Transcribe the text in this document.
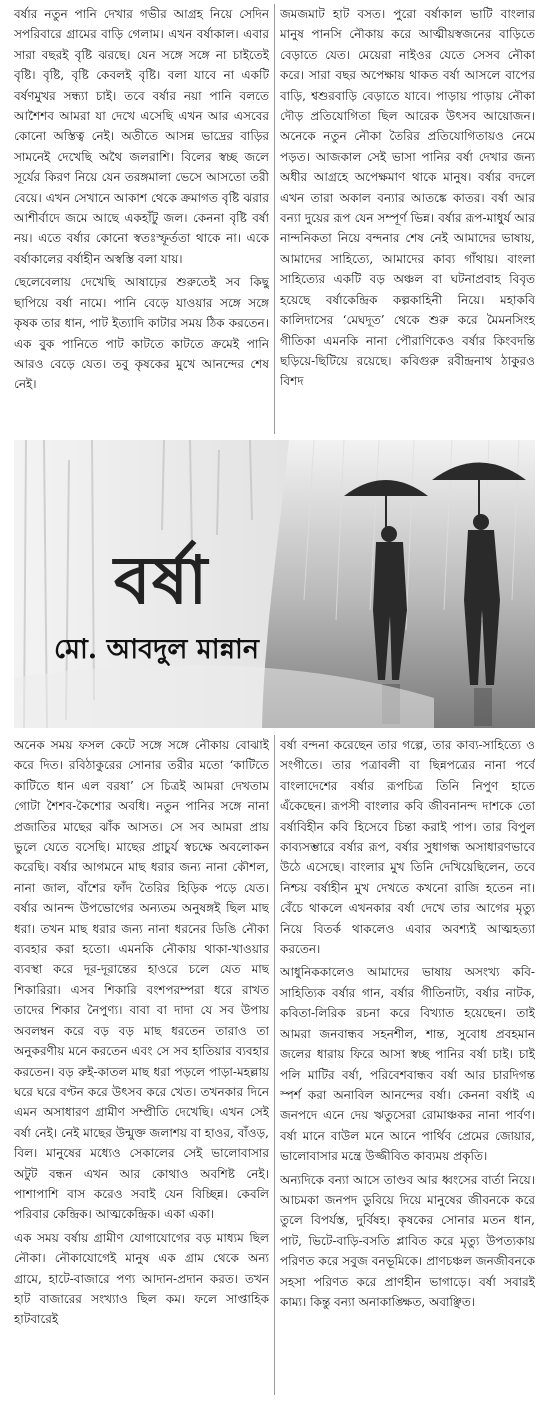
বর্ষার নতুন পানি দেখার গভীর আগ্রহ নিয়ে সেদিন সপরিবারে গ্রামের বাড়ি গেলাম। এখন বর্ষাকাল। এবার সারা বছরই বৃষ্টি ঝরছে। যেন সঙ্গে সঙ্গে না চাইতেই বৃষ্টি। বৃষ্টি, বৃষ্টি কেবলই বৃষ্টি। বলা যাবে না একটি বর্ষণমুখর সন্ধ্যা চাই। তবে বর্ষার নয়া পানি বলতে আশৈশব আমরা যা দেখে এসেছি এখন আর এসবের কোনো অস্তিত্ব নেই। অতীতে আসন্ন ভাদ্রের বাড়ির সামনেই দেখেছি অথৈ জলরাশি। বিলের স্বচ্ছ জলে সূর্যের কিরণ নিয়ে যেন তরঙ্গমালা ভেসে আসতো তরী বেয়ে। এখন সেখানে আকাশ থেকে ক্রমাগত বৃষ্টি ঝরার আশীর্বাদে জমে আছে একহাঁটু জল। কেননা বৃষ্টি বর্ষা নয়। এতে বর্ষার কোনো স্বতঃস্ফূর্ততা থাকে না। একে বর্ষাকালের বর্ষাহীন অস্বস্তি বলা যায়।

ছেলেবেলায় দেখেছি আষাঢ়ের শুরুতেই সব কিছু ছাপিয়ে বর্ষা নামে। পানি বেড়ে যাওয়ার সঙ্গে সঙ্গে কৃষক তার ধান, পাট ইত্যাদি কাটার সময় ঠিক করতেন। এক বুক পানিতে পাট কাটতে কাটতে ক্রমেই পানি আরও বেড়ে যেত। তবু কৃষকের মুখে আনন্দের শেষ নেই।

জমজমাট হাট বসত। পুরো বর্ষাকাল ভাটি বাংলার মানুষ পানসি নৌকায় করে আত্মীয়স্বজনের বাড়িতে বেড়াতে যেত। মেয়েরা নাইওর যেতে সেসব নৌকা করে। সারা বছর অপেক্ষায় থাকত বর্ষা আসলে বাপের বাড়ি, শ্বশুরবাড়ি বেড়াতে যাবে। পাড়ায় পাড়ায় নৌকা দৌড় প্রতিযোগিতা ছিল আরেক উৎসব আয়োজন। অনেকে নতুন নৌকা তৈরির প্রতিযোগিতায়ও নেমে পড়ত। আজকাল সেই ভাসা পানির বর্ষা দেখার জন্য অধীর আগ্রহে অপেক্ষমাণ থাকে মানুষ। বর্ষার বদলে এখন তারা অকাল বন্যার আতঙ্কে কাতর। বর্ষা আর বন্যা দুয়ের রূপ যেন সম্পূর্ণ ভিন্ন। বর্ষার রূপ-মাধুর্য আর নান্দনিকতা নিয়ে বন্দনার শেষ নেই আমাদের ভাষায়, আমাদের সাহিত্যে, আমাদের কাব্য গাঁথায়। বাংলা সাহিত্যের একটি বড় অঞ্চল বা ঘটনাপ্রবাহ বিবৃত হয়েছে বর্ষাকেন্দ্রিক কল্পকাহিনী নিয়ে। মহাকবি কালিদাসের ‘মেঘদূত’ থেকে শুরু করে মৈমনসিংহ গীতিকা এমনকি নানা পৌরাণিকেও বর্ষার কিংবদন্তি ছড়িয়ে-ছিটিয়ে রয়েছে। কবিগুরু রবীন্দ্রনাথ ঠাকুরও বিশদ

বর্ষা
মো. আবদুল মান্নান

অনেক সময় ফসল কেটে সঙ্গে সঙ্গে নৌকায় বোঝাই করে দিত। রবিঠাকুরের সোনার তরীর মতো ‘কাটিতে কাটিতে ধান এল বরষা’ সে চিত্রই আমরা দেখতাম গোটা শৈশব-কৈশোর অবধি। নতুন পানির সঙ্গে নানা প্রজাতির মাছের ঝাঁক আসত। সে সব আমরা প্রায় ভুলে যেতে বসেছি। মাছের প্রাচুর্য স্বচক্ষে অবলোকন করেছি। বর্ষার আগমনে মাছ ধরার জন্য নানা কৌশল, নানা জাল, বাঁশের ফাঁদ তৈরির হিড়িক পড়ে যেত। বর্ষার আনন্দ উপভোগের অন্যতম অনুষঙ্গই ছিল মাছ ধরা। তখন মাছ ধরার জন্য নানা ধরনের ডিঙি নৌকা ব্যবহার করা হতো। এমনকি নৌকায় থাকা-খাওয়ার ব্যবস্থা করে দূর-দূরান্তের হাওরে চলে যেত মাছ শিকারিরা। এসব শিকারি বংশপরম্পরা ধরে রাখত তাদের শিকার নৈপুণ্য। বাবা বা দাদা যে সব উপায় অবলম্বন করে বড় বড় মাছ ধরতেন তারাও তা অনুকরণীয় মনে করতেন এবং সে সব হাতিয়ার ব্যবহার করতেন। বড় রুই-কাতল মাছ ধরা পড়লে পাড়া-মহল্লায় ঘরে ঘরে বণ্টন করে উৎসব করে খেত। তখনকার দিনে এমন অসাধারণ গ্রামীণ সম্প্রীতি দেখেছি। এখন সেই বর্ষা নেই। নেই মাছের উন্মুক্ত জলাশয় বা হাওর, বাঁওড়, বিল। মানুষের মধ্যেও সেকালের সেই ভালোবাসার অটুট বন্ধন এখন আর কোথাও অবশিষ্ট নেই। পাশাপাশি বাস করেও সবাই যেন বিচ্ছিন্ন। কেবলি পরিবার কেন্দ্রিক। আত্মকেন্দ্রিক। একা একা।

এক সময় বর্ষায় গ্রামীণ যোগাযোগের বড় মাধ্যম ছিল নৌকা। নৌকাযোগেই মানুষ এক গ্রাম থেকে অন্য গ্রামে, হাটে-বাজারে পণ্য আদান-প্রদান করত। তখন হাট বাজারের সংখ্যাও ছিল কম। ফলে সাপ্তাহিক হাটবারেই

বর্ষা বন্দনা করেছেন তার গল্পে, তার কাব্য-সাহিত্যে ও সংগীতে। তার পত্রাবলী বা ছিন্নপত্রের নানা পর্বে বাংলাদেশের বর্ষার রূপচিত্র তিনি নিপুণ হাতে এঁকেছেন। রূপসী বাংলার কবি জীবনানন্দ দাশকে তো বর্ষাবিহীন কবি হিসেবে চিন্তা করাই পাপ। তার বিপুল কাব্যসম্ভারে বর্ষার রূপ, বর্ষার সুধাগন্ধ অসাধারণভাবে উঠে এসেছে। বাংলার মুখ তিনি দেখিয়েছিলেন, তবে নিশ্চয় বর্ষাহীন মুখ দেখতে কখনো রাজি হতেন না। বেঁচে থাকলে এখনকার বর্ষা দেখে তার আগের মৃত্যু নিয়ে বিতর্ক থাকলেও এবার অবশ্যই আত্মহত্যা করতেন।

আধুনিককালেও আমাদের ভাষায় অসংখ্য কবি-সাহিত্যিক বর্ষার গান, বর্ষার গীতিনাট্য, বর্ষার নাটক, কবিতা-লিরিক রচনা করে বিখ্যাত হয়েছেন। তাই আমরা জনবান্ধব সহনশীল, শান্ত, সুবোধ প্রবহমান জলের ধারায় ফিরে আসা স্বচ্ছ পানির বর্ষা চাই। চাই পলি মাটির বর্ষা, পরিবেশবান্ধব বর্ষা আর চারদিগন্ত স্পর্শ করা অনাবিল আনন্দের বর্ষা। কেননা বর্ষাই এ জনপদে এনে দেয় ঋতুসেরা রোমাঞ্চকর নানা পার্বণ। বর্ষা মানে বাউল মনে আনে পার্থিব প্রেমের জোয়ার, ভালোবাসার মন্ত্রে উজ্জীবিত কাব্যময় প্রকৃতি।

অন্যদিকে বন্যা আসে তাণ্ডব আর ধ্বংসের বার্তা নিয়ে। আচমকা জনপদ ডুবিয়ে দিয়ে মানুষের জীবনকে করে তুলে বিপর্যস্ত, দুর্বিষহ। কৃষকের সোনার মতন ধান, পাট, ভিটে-বাড়ি-বসতি প্লাবিত করে মৃত্যু উপত্যকায় পরিণত করে সবুজ বনভূমিকে। প্রাণচঞ্চল জনজীবনকে সহসা পরিণত করে প্রাণহীন ভাগাড়ে। বর্ষা সবারই কাম্য। কিন্তু বন্যা অনাকাঙ্ক্ষিত, অবাঞ্ছিত।
